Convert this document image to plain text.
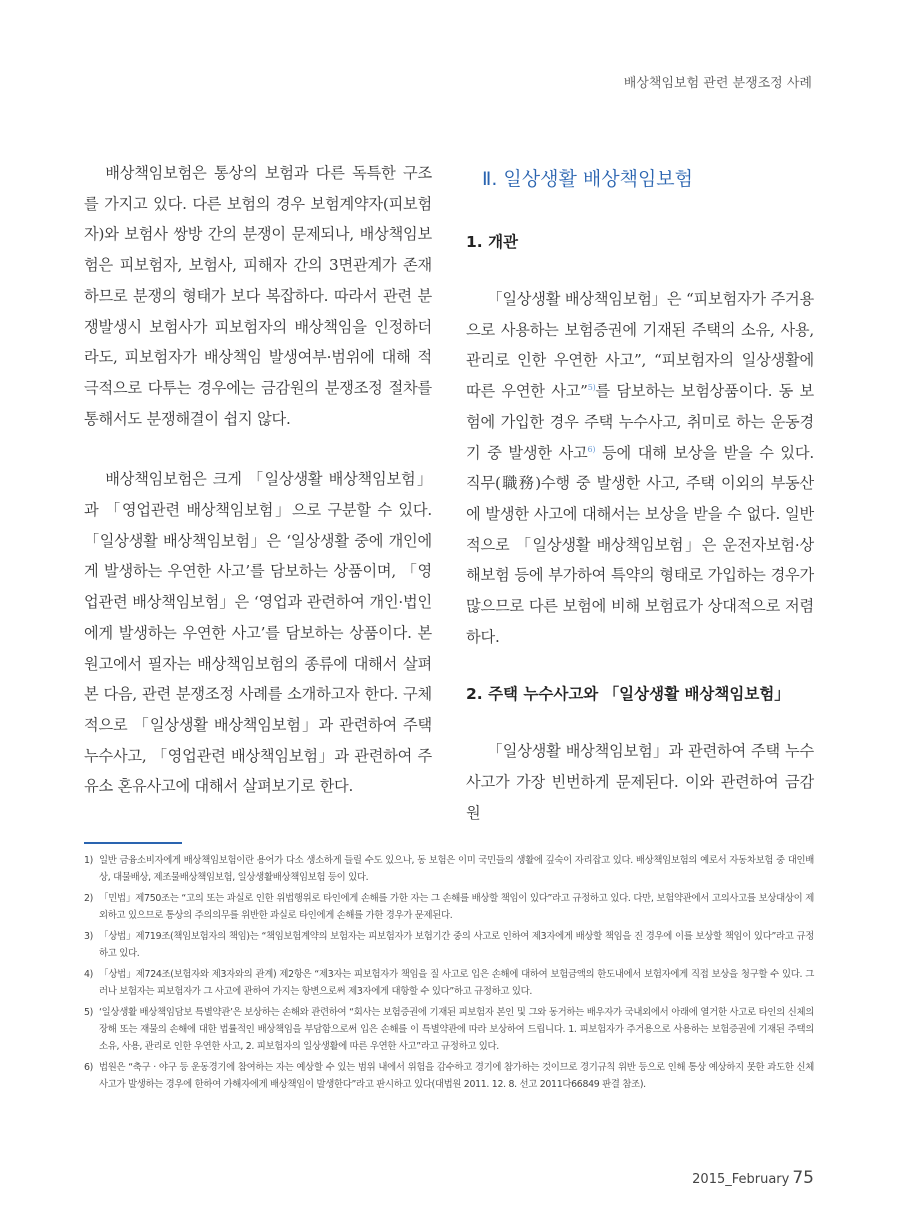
배상책임보험 관련 분쟁조정 사례

배상책임보험은 통상의 보험과 다른 독특한 구조를 가지고 있다. 다른 보험의 경우 보험계약자(피보험자)와 보험사 쌍방 간의 분쟁이 문제되나, 배상책임보험은 피보험자, 보험사, 피해자 간의 3면관계가 존재하므로 분쟁의 형태가 보다 복잡하다. 따라서 관련 분쟁발생시 보험사가 피보험자의 배상책임을 인정하더라도, 피보험자가 배상책임 발생여부·범위에 대해 적극적으로 다투는 경우에는 금감원의 분쟁조정 절차를 통해서도 분쟁해결이 쉽지 않다.

배상책임보험은 크게 「일상생활 배상책임보험」과 「영업관련 배상책임보험」으로 구분할 수 있다. 「일상생활 배상책임보험」은 ‘일상생활 중에 개인에게 발생하는 우연한 사고’를 담보하는 상품이며, 「영업관련 배상책임보험」은 ‘영업과 관련하여 개인·법인에게 발생하는 우연한 사고’를 담보하는 상품이다. 본 원고에서 필자는 배상책임보험의 종류에 대해서 살펴본 다음, 관련 분쟁조정 사례를 소개하고자 한다. 구체적으로 「일상생활 배상책임보험」과 관련하여 주택 누수사고, 「영업관련 배상책임보험」과 관련하여 주유소 혼유사고에 대해서 살펴보기로 한다.

Ⅱ. 일상생활 배상책임보험

1. 개관

「일상생활 배상책임보험」은 “피보험자가 주거용으로 사용하는 보험증권에 기재된 주택의 소유, 사용, 관리로 인한 우연한 사고”, “피보험자의 일상생활에 따른 우연한 사고”$^{5)}$를 담보하는 보험상품이다. 동 보험에 가입한 경우 주택 누수사고, 취미로 하는 운동경기 중 발생한 사고$^{6)}$ 등에 대해 보상을 받을 수 있다. 직무(職務)수행 중 발생한 사고, 주택 이외의 부동산에 발생한 사고에 대해서는 보상을 받을 수 없다. 일반적으로 「일상생활 배상책임보험」은 운전자보험·상해보험 등에 부가하여 특약의 형태로 가입하는 경우가 많으므로 다른 보험에 비해 보험료가 상대적으로 저렴하다.

2. 주택 누수사고와 「일상생활 배상책임보험」

「일상생활 배상책임보험」과 관련하여 주택 누수사고가 가장 빈번하게 문제된다. 이와 관련하여 금감원

1) 일반 금융소비자에게 배상책임보험이란 용어가 다소 생소하게 들릴 수도 있으나, 동 보험은 이미 국민들의 생활에 깊숙이 자리잡고 있다. 배상책임보험의 예로서 자동차보험 중 대인배상, 대물배상, 제조물배상책임보험, 일상생활배상책임보험 등이 있다.
2) 「민법」제750조는 “고의 또는 과실로 인한 위법행위로 타인에게 손해를 가한 자는 그 손해를 배상할 책임이 있다”라고 규정하고 있다. 다만, 보험약관에서 고의사고를 보상대상이 제외하고 있으므로 통상의 주의의무를 위반한 과실로 타인에게 손해를 가한 경우가 문제된다.
3) 「상법」제719조(책임보험자의 책임)는 “책임보험계약의 보험자는 피보험자가 보험기간 중의 사고로 인하여 제3자에게 배상할 책임을 진 경우에 이를 보상할 책임이 있다”라고 규정하고 있다.
4) 「상법」제724조(보험자와 제3자와의 관계) 제2항은 “제3자는 피보험자가 책임을 질 사고로 입은 손해에 대하여 보험금액의 한도내에서 보험자에게 직접 보상을 청구할 수 있다. 그러나 보험자는 피보험자가 그 사고에 관하여 가지는 항변으로써 제3자에게 대항할 수 있다”하고 규정하고 있다.
5) ‘일상생활 배상책임담보 특별약관’은 보상하는 손해와 관련하여 “회사는 보험증권에 기재된 피보험자 본인 및 그와 동거하는 배우자가 국내외에서 아래에 열거한 사고로 타인의 신체의 장해 또는 재물의 손해에 대한 법률적인 배상책임을 부담함으로써 입은 손해를 이 특별약관에 따라 보상하여 드립니다. 1. 피보험자가 주거용으로 사용하는 보험증권에 기재된 주택의 소유, 사용, 관리로 인한 우연한 사고, 2. 피보험자의 일상생활에 따른 우연한 사고”라고 규정하고 있다.
6) 법원은 “축구 · 야구 등 운동경기에 참여하는 자는 예상할 수 있는 범위 내에서 위험을 감수하고 경기에 참가하는 것이므로 경기규칙 위반 등으로 인해 통상 예상하지 못한 과도한 신체사고가 발생하는 경우에 한하여 가해자에게 배상책임이 발생한다”라고 판시하고 있다(대법원 2011. 12. 8. 선고 2011다66849 판결 참조).
2015_February 75
